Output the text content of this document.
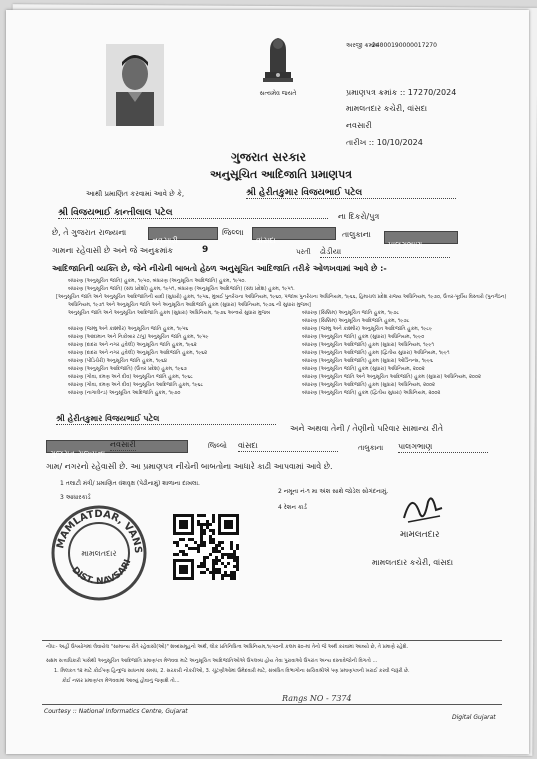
સત્યમેવ જયતે
અરજી ક્રમાંક :
24000190000017270
પ્રમાણપત્ર ક્રમાંક :: 17270/2024
મામલતદાર કચેરી, વાંસદા
નવસારી
તારીખ :: 10/10/2024
ગુજરાત સરકાર
અનુસૂચિત આદિજાતિ પ્રમાણપત્ર
આથી પ્રમાણિત કરવામાં આવે છે કે,	શ્રી હેરીતકુમાર વિજયભાઈ પટેલ
શ્રી વિજયભાઈ કાન્તીલાલ પટેલ	ના દિકરો/પુત્ર
છે, તે ગુજરાત રાજ્યના
નવસારી
જિલ્લા
વાંસદા
તાલુકાના
પાલગભાણ
ગામના રહેવાસી છે અને જે અનુક્રમાંક	9	પરતી ઢોડીયા
આદિજાતિની વ્યક્તિ છે, જેને નીચેની બાબતો હેઠળ અનુસૂચિત આદિજાતિ તરીકે ઓળખવામાં આવે છે :-
બંધારણ (અનુસૂચિત જાતિ) હુકમ, ૧૯૫૦, બંધારણ (અનુસૂચિત આદિજાતિ) હુકમ, ૧૯૫૦.
બંધારણ (અનુસૂચિત જાતિ) (સંઘ પ્રદેશો) હુકમ, ૧૯૫૧, બંધારણ (અનુસૂચિત આદિજાતિ) (સંઘ પ્રદેશ) હુકમ, ૧૯૫૧.
[અનુસૂચિત જાતિ અને અનુસૂચિત આદિજાતિની યાદી (સુધારો) હુકમ, ૧૯૫૬, મુંબઈ પુનર્રચના અધિનિયમ, ૧૯૬૦, પંજાબ પુનર્રચના અધિનિયમ, ૧૯૬૬, હિમાચલ પ્રદેશ રાજ્ય અધિનિયમ, ૧૯૭૦, ઉત્તર-પૂર્વીય વિસ્તારો (પુનર્ગઠન)
અધિનિયમ, ૧૯૭૧ અને અનુસૂચિત જાતિ અને અનુસૂચિત આદિજાતિ હુકમ (સુધારા) અધિનિયમ, ૧૯૭૬ ની સુધારા મુજબ]
અનુસૂચિત જાતિ અને અનુસૂચિત આદિજાતિ હુકમ (સુધારા) અધિનિયમ, ૧૯૭૬ અન્વયે સુધારા મુજબ
બંધારણ (જમ્મુ અને કાશ્મીર) અનુસૂચિત જાતિ હુકમ, ૧૯૫૬
બંધારણ (આંદામાન અને નિકોબાર ટાપુ) અનુસૂચિત જાતિ હુકમ, ૧૯૫૯
બંધારણ (દાદરા અને નગર હવેલી) અનુસૂચિત જાતિ હુકમ, ૧૯૬૨
બંધારણ (દાદરા અને નગર હવેલી) અનુસૂચિત આદિજાતિ હુકમ, ૧૯૬૨
બંધારણ (પોંડિચેરી) અનુસૂચિત જાતિ હુકમ, ૧૯૬૪
બંધારણ (અનુસૂચિત આદિજાતિ) (ઉત્તર પ્રદેશ) હુકમ, ૧૯૬૭
બંધારણ (ગોવા, દમણ અને દીવ) અનુસૂચિત જાતિ હુકમ, ૧૯૬૮
બંધારણ (ગોવા, દમણ અને દીવ) અનુસૂચિત આદિજાતિ હુકમ, ૧૯૬૮
બંધારણ (નાગાલેન્ડ) અનુસૂચિત આદિજાતિ હુકમ, ૧૯૭૦
બંધારણ (સિક્કિમ) અનુસૂચિત જાતિ હુકમ, ૧૯૭૮
બંધારણ (સિક્કિમ) અનુસૂચિત આદિજાતિ હુકમ, ૧૯૭૮
બંધારણ (જમ્મુ અને કાશ્મીર) અનુસૂચિત આદિજાતિ હુકમ, ૧૯૮૯
બંધારણ (અનુસૂચિત જાતિ) હુકમ (સુધારા) અધિનિયમ, ૧૯૯૦
બંધારણ (અનુસૂચિત આદિજાતિ) હુકમ (સુધારા) અધિનિયમ, ૧૯૯૧
બંધારણ (અનુસૂચિત આદિજાતિ) હુકમ (દ્વિતીય સુધારા) અધિનિયમ, ૧૯૯૧
બંધારણ (અનુસૂચિત આદિજાતિ) હુકમ (સુધારા) ઓર્ડિનન્સ, ૧૯૯૬
બંધારણ (અનુસૂચિત જાતિ) હુકમ (સુધારા) અધિનિયમ, ૨૦૦૨
બંધારણ (અનુસૂચિત જાતિ અને અનુસૂચિત આદિજાતિ) હુકમ (સુધારા) અધિનિયમ, ૨૦૦૨
બંધારણ (અનુસૂચિત આદિજાતિ) હુકમ (સુધારા) અધિનિયમ, ૨૦૦૨
બંધારણ (અનુસૂચિત જાતિ) હુકમ (દ્વિતીય સુધારા) અધિનિયમ, ૨૦૦૨
શ્રી હેરીતકુમાર વિજયભાઈ પટેલ
અને અથવા તેની / તેણીનો પરિવાર સામાન્ય રીતે
ગુજરાત રાજ્યના
નવસારી	જિલ્લો વાંસદા	તાલુકાના પાલગભાણ
ગામ/ નગરનો રહેવાસી છે. આ પ્રમાણપત્ર નીચેની બાબતોના આધારે કાઢી આપવામાં આવે છે.
1 તલાટી મંત્રી/ પ્રમાણિત વંશવૃક્ષ (પેઢીનામું) શાળાના દાખલા.
2 નમૂના નં-૧ મા અંશ સાથે જોડેલ સોગંદનામું.
3 આધારકાર્ડ
4 રેશન કાર્ડ
MAMLATDAR, VANS
DIST. NAVSARI
મામલતદાર
મામલતદાર
મામલતદાર કચેરી, વાંસદા
નોંધ:- અહીં ઉપયોગમાં લેવાયેલ "સામાન્ય રીતે રહેવાસી(ઓ)" શબ્દસમૂહનો અર્થ, લોક પ્રતિનિધિત્વ અધિનિયમ,૧૯૫૦ની કલમ ૨૦-માં તેનો જે અર્થ કરવામાં આવ્યો છે, તે પ્રમાણે રહેશે.
સક્ષમ સત્તાધિકારી પાસેથી અનુસૂચિત આદિજાતિ પ્રમાણપત્ર મેળવવા માટે અનુસૂચિત આદિજાતિઓએ ઉપલબ્ધ હોય તેવા પુરાવાઓ ઉપરાંત અન્ય દસ્તાવેજોની વિગતો ...
1. મિલકત ૧૨ માટે કોઈપણ હિન્દુજ સાધનમાં સંબંધ, 2. સરકારી નોકરીઓ, 3. ચૂંટણીઓમાં ઉમેદવારી માટે, સંબંધિત વિભાગોના સચિવશ્રીએ પણ પ્રમાણપત્રની ખરાઈ કરવી જરૂરી છે.
કોઈ નક્કર પ્રમાણપત્ર મેળવવામાં આવ્યું હોવાનું જણાશે તો...
Rangs NO - 7374
Courtesy :: National Informatics Centre, Gujarat
Digital Gujarat
